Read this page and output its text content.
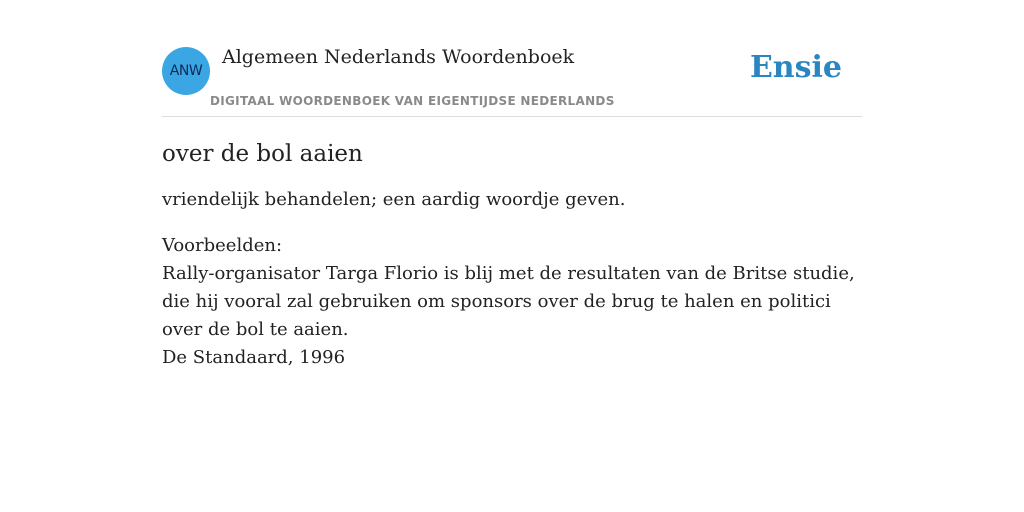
ANW
Algemeen Nederlands Woordenboek
DIGITAAL WOORDENBOEK VAN EIGENTIJDSE NEDERLANDS
Ensie
over de bol aaien

vriendelijk behandelen; een aardig woordje geven.

Voorbeelden:

Rally-organisator Targa Florio is blij met de resultaten van de Britse studie, die hij vooral zal gebruiken om sponsors over de brug te halen en politici over de bol te aaien.

De Standaard, 1996
